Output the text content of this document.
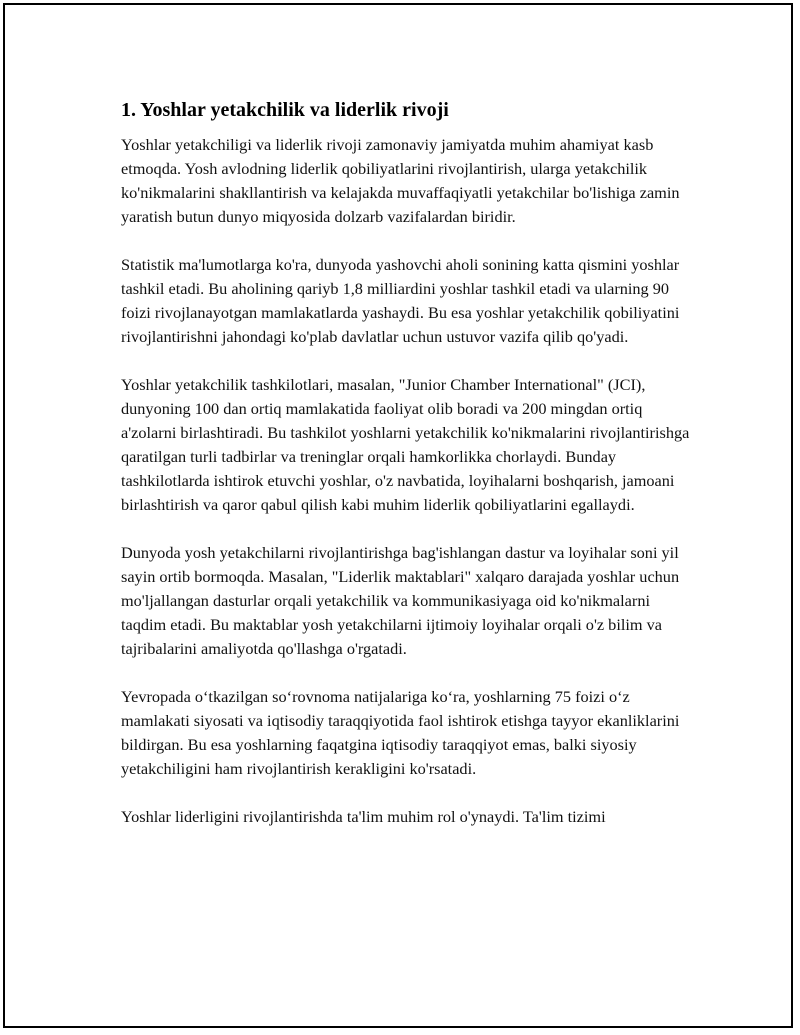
1. Yoshlar yetakchilik va liderlik rivoji

Yoshlar yetakchiligi va liderlik rivoji zamonaviy jamiyatda muhim ahamiyat kasb etmoqda. Yosh avlodning liderlik qobiliyatlarini rivojlantirish, ularga yetakchilik ko'nikmalarini shakllantirish va kelajakda muvaffaqiyatli yetakchilar bo'lishiga zamin yaratish butun dunyo miqyosida dolzarb vazifalardan biridir.

Statistik ma'lumotlarga ko'ra, dunyoda yashovchi aholi sonining katta qismini yoshlar tashkil etadi. Bu aholining qariyb 1,8 milliardini yoshlar tashkil etadi va ularning 90 foizi rivojlanayotgan mamlakatlarda yashaydi. Bu esa yoshlar yetakchilik qobiliyatini rivojlantirishni jahondagi ko'plab davlatlar uchun ustuvor vazifa qilib qo'yadi.

Yoshlar yetakchilik tashkilotlari, masalan, "Junior Chamber International" (JCI), dunyoning 100 dan ortiq mamlakatida faoliyat olib boradi va 200 mingdan ortiq a'zolarni birlashtiradi. Bu tashkilot yoshlarni yetakchilik ko'nikmalarini rivojlantirishga qaratilgan turli tadbirlar va treninglar orqali hamkorlikka chorlaydi. Bunday tashkilotlarda ishtirok etuvchi yoshlar, o'z navbatida, loyihalarni boshqarish, jamoani birlashtirish va qaror qabul qilish kabi muhim liderlik qobiliyatlarini egallaydi.

Dunyoda yosh yetakchilarni rivojlantirishga bag'ishlangan dastur va loyihalar soni yil sayin ortib bormoqda. Masalan, "Liderlik maktablari" xalqaro darajada yoshlar uchun mo'ljallangan dasturlar orqali yetakchilik va kommunikasiyaga oid ko'nikmalarni taqdim etadi. Bu maktablar yosh yetakchilarni ijtimoiy loyihalar orqali o'z bilim va tajribalarini amaliyotda qo'llashga o'rgatadi.

Yevropada o‘tkazilgan so‘rovnoma natijalariga ko‘ra, yoshlarning 75 foizi o‘z mamlakati siyosati va iqtisodiy taraqqiyotida faol ishtirok etishga tayyor ekanliklarini bildirgan. Bu esa yoshlarning faqatgina iqtisodiy taraqqiyot emas, balki siyosiy yetakchiligini ham rivojlantirish kerakligini ko'rsatadi.

Yoshlar liderligini rivojlantirishda ta'lim muhim rol o'ynaydi. Ta'lim tizimi
